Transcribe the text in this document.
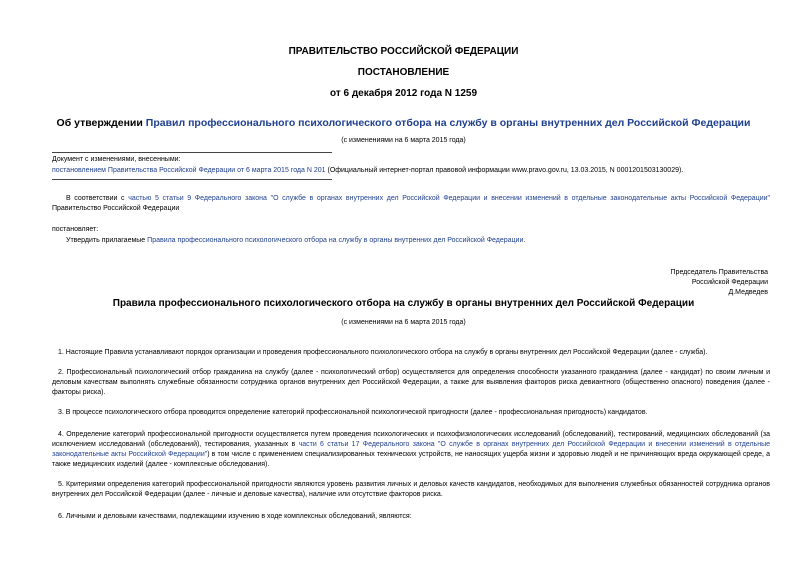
ПРАВИТЕЛЬСТВО РОССИЙСКОЙ ФЕДЕРАЦИИ
ПОСТАНОВЛЕНИЕ
от 6 декабря 2012 года N 1259
Об утверждении Правил профессионального психологического отбора на службу в органы внутренних дел Российской Федерации
(с изменениями на 6 марта 2015 года)
Документ с изменениями, внесенными:
постановлением Правительства Российской Федерации от 6 марта 2015 года N 201 (Официальный интернет-портал правовой информации www.pravo.gov.ru, 13.03.2015, N 0001201503130029).
В соответствии с частью 5 статьи 9 Федерального закона "О службе в органах внутренних дел Российской Федерации и внесении изменений в отдельные законодательные акты Российской Федерации" Правительство Российской Федерации
постановляет:
Утвердить прилагаемые Правила профессионального психологического отбора на службу в органы внутренних дел Российской Федерации.
Председатель Правительства
Российской Федерации
Д.Медведев
Правила профессионального психологического отбора на службу в органы внутренних дел Российской Федерации
(с изменениями на 6 марта 2015 года)
1. Настоящие Правила устанавливают порядок организации и проведения профессионального психологического отбора на службу в органы внутренних дел Российской Федерации (далее - служба).
2. Профессиональный психологический отбор гражданина на службу (далее - психологический отбор) осуществляется для определения способности указанного гражданина (далее - кандидат) по своим личным и деловым качествам выполнять служебные обязанности сотрудника органов внутренних дел Российской Федерации, а также для выявления факторов риска девиантного (общественно опасного) поведения (далее - факторы риска).
3. В процессе психологического отбора проводится определение категорий профессиональной психологической пригодности (далее - профессиональная пригодность) кандидатов.
4. Определение категорий профессиональной пригодности осуществляется путем проведения психологических и психофизиологических исследований (обследований), тестирований, медицинских обследований (за исключением исследований (обследований), тестирования, указанных в части 6 статьи 17 Федерального закона "О службе в органах внутренних дел Российской Федерации и внесении изменений в отдельные законодательные акты Российской Федерации") в том числе с применением специализированных технических устройств, не наносящих ущерба жизни и здоровью людей и не причиняющих вреда окружающей среде, а также медицинских изделий (далее - комплексные обследования).
5. Критериями определения категорий профессиональной пригодности являются уровень развития личных и деловых качеств кандидатов, необходимых для выполнения служебных обязанностей сотрудника органов внутренних дел Российской Федерации (далее - личные и деловые качества), наличие или отсутствие факторов риска.
6. Личными и деловыми качествами, подлежащими изучению в ходе комплексных обследований, являются:
